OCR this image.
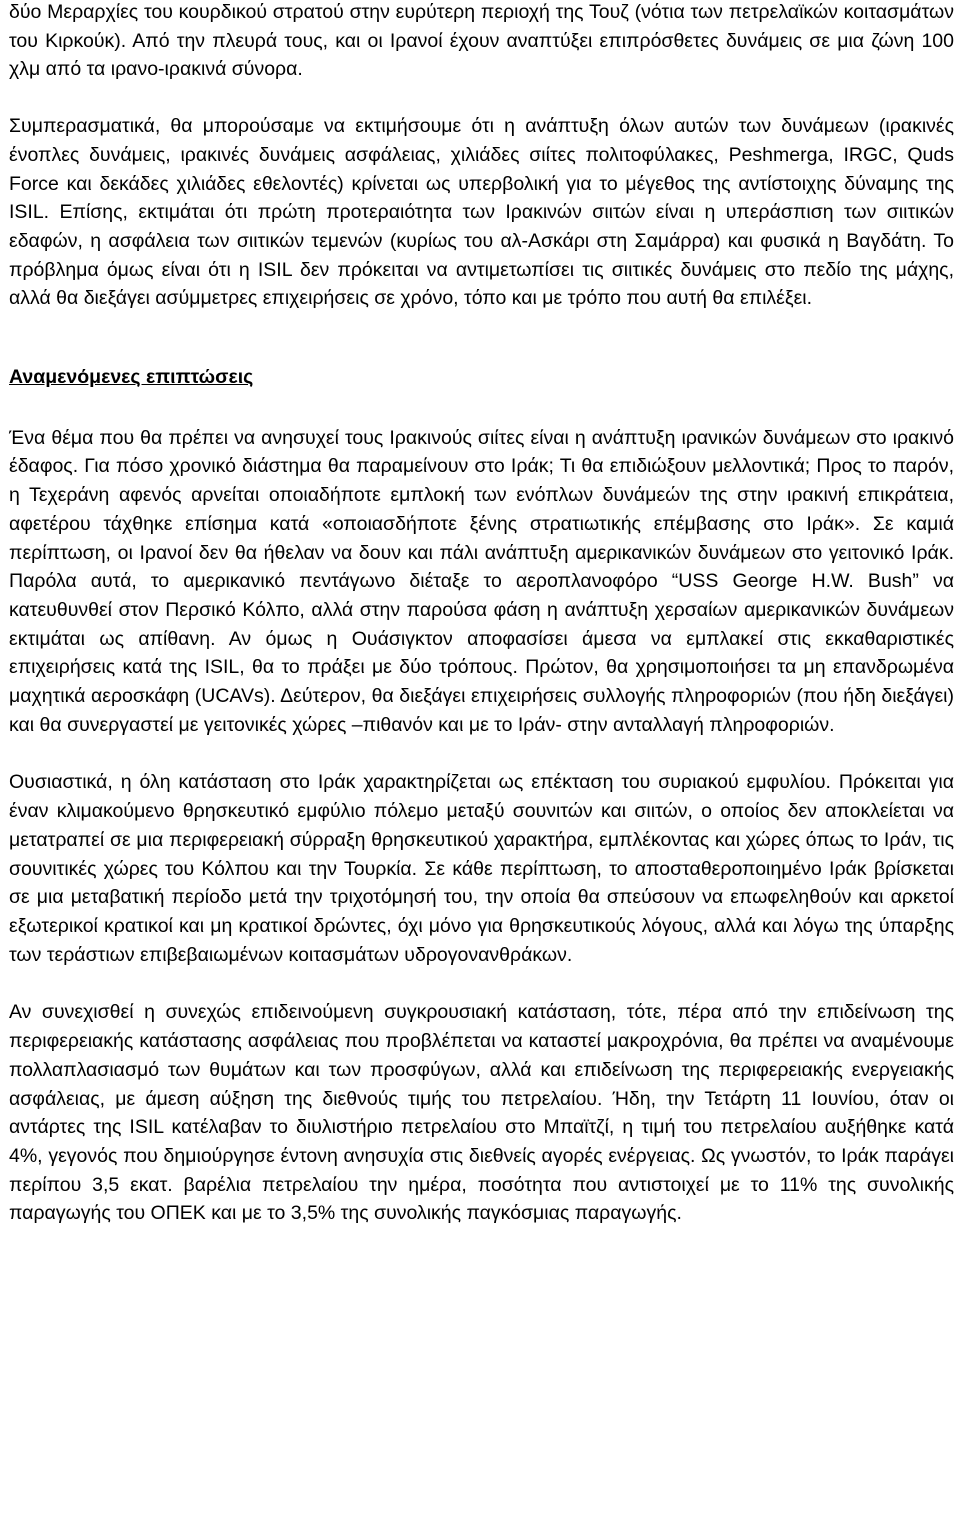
δύο Μεραρχίες του κουρδικού στρατού στην ευρύτερη περιοχή της Τουζ (νότια των πετρελαϊκών κοιτασμάτων του Κιρκούκ). Από την πλευρά τους, και οι Ιρανοί έχουν αναπτύξει επιπρόσθετες δυνάμεις σε μια ζώνη 100 χλμ από τα ιρανο-ιρακινά σύνορα.

Συμπερασματικά, θα μπορούσαμε να εκτιμήσουμε ότι η ανάπτυξη όλων αυτών των δυνάμεων (ιρακινές ένοπλες δυνάμεις, ιρακινές δυνάμεις ασφάλειας, χιλιάδες σιίτες πολιτοφύλακες, Peshmerga, IRGC, Quds Force και δεκάδες χιλιάδες εθελοντές) κρίνεται ως υπερβολική για το μέγεθος της αντίστοιχης δύναμης της ISIL. Επίσης, εκτιμάται ότι πρώτη προτεραιότητα των Ιρακινών σιιτών είναι η υπεράσπιση των σιιτικών εδαφών, η ασφάλεια των σιιτικών τεμενών (κυρίως του αλ-Ασκάρι στη Σαμάρρα) και φυσικά η Βαγδάτη. Το πρόβλημα όμως είναι ότι η ISIL δεν πρόκειται να αντιμετωπίσει τις σιιτικές δυνάμεις στο πεδίο της μάχης, αλλά θα διεξάγει ασύμμετρες επιχειρήσεις σε χρόνο, τόπο και με τρόπο που αυτή θα επιλέξει.

Αναμενόμενες επιπτώσεις

Ένα θέμα που θα πρέπει να ανησυχεί τους Ιρακινούς σιίτες είναι η ανάπτυξη ιρανικών δυνάμεων στο ιρακινό έδαφος. Για πόσο χρονικό διάστημα θα παραμείνουν στο Ιράκ; Τι θα επιδιώξουν μελλοντικά; Προς το παρόν, η Τεχεράνη αφενός αρνείται οποιαδήποτε εμπλοκή των ενόπλων δυνάμεών της στην ιρακινή επικράτεια, αφετέρου τάχθηκε επίσημα κατά «οποιασδήποτε ξένης στρατιωτικής επέμβασης στο Ιράκ». Σε καμιά περίπτωση, οι Ιρανοί δεν θα ήθελαν να δουν και πάλι ανάπτυξη αμερικανικών δυνάμεων στο γειτονικό Ιράκ. Παρόλα αυτά, το αμερικανικό πεντάγωνο διέταξε το αεροπλανοφόρο “USS George H.W. Bush” να κατευθυνθεί στον Περσικό Κόλπο, αλλά στην παρούσα φάση η ανάπτυξη χερσαίων αμερικανικών δυνάμεων εκτιμάται ως απίθανη. Αν όμως η Ουάσιγκτον αποφασίσει άμεσα να εμπλακεί στις εκκαθαριστικές επιχειρήσεις κατά της ISIL, θα το πράξει με δύο τρόπους. Πρώτον, θα χρησιμοποιήσει τα μη επανδρωμένα μαχητικά αεροσκάφη (UCAVs). Δεύτερον, θα διεξάγει επιχειρήσεις συλλογής πληροφοριών (που ήδη διεξάγει) και θα συνεργαστεί με γειτονικές χώρες –πιθανόν και με το Ιράν- στην ανταλλαγή πληροφοριών.

Ουσιαστικά, η όλη κατάσταση στο Ιράκ χαρακτηρίζεται ως επέκταση του συριακού εμφυλίου. Πρόκειται για έναν κλιμακούμενο θρησκευτικό εμφύλιο πόλεμο μεταξύ σουνιτών και σιιτών, ο οποίος δεν αποκλείεται να μετατραπεί σε μια περιφερειακή σύρραξη θρησκευτικού χαρακτήρα, εμπλέκοντας και χώρες όπως το Ιράν, τις σουνιτικές χώρες του Κόλπου και την Τουρκία. Σε κάθε περίπτωση, το αποσταθεροποιημένο Ιράκ βρίσκεται σε μια μεταβατική περίοδο μετά την τριχοτόμησή του, την οποία θα σπεύσουν να επωφεληθούν και αρκετοί εξωτερικοί κρατικοί και μη κρατικοί δρώντες, όχι μόνο για θρησκευτικούς λόγους, αλλά και λόγω της ύπαρξης των τεράστιων επιβεβαιωμένων κοιτασμάτων υδρογονανθράκων.

Αν συνεχισθεί η συνεχώς επιδεινούμενη συγκρουσιακή κατάσταση, τότε, πέρα από την επιδείνωση της περιφερειακής κατάστασης ασφάλειας που προβλέπεται να καταστεί μακροχρόνια, θα πρέπει να αναμένουμε πολλαπλασιασμό των θυμάτων και των προσφύγων, αλλά και επιδείνωση της περιφερειακής ενεργειακής ασφάλειας, με άμεση αύξηση της διεθνούς τιμής του πετρελαίου. Ήδη, την Τετάρτη 11 Ιουνίου, όταν οι αντάρτες της ISIL κατέλαβαν το διυλιστήριο πετρελαίου στο Μπαϊτζί, η τιμή του πετρελαίου αυξήθηκε κατά 4%, γεγονός που δημιούργησε έντονη ανησυχία στις διεθνείς αγορές ενέργειας. Ως γνωστόν, το Ιράκ παράγει περίπου 3,5 εκατ. βαρέλια πετρελαίου την ημέρα, ποσότητα που αντιστοιχεί με το 11% της συνολικής παραγωγής του ΟΠΕΚ και με το 3,5% της συνολικής παγκόσμιας παραγωγής.
